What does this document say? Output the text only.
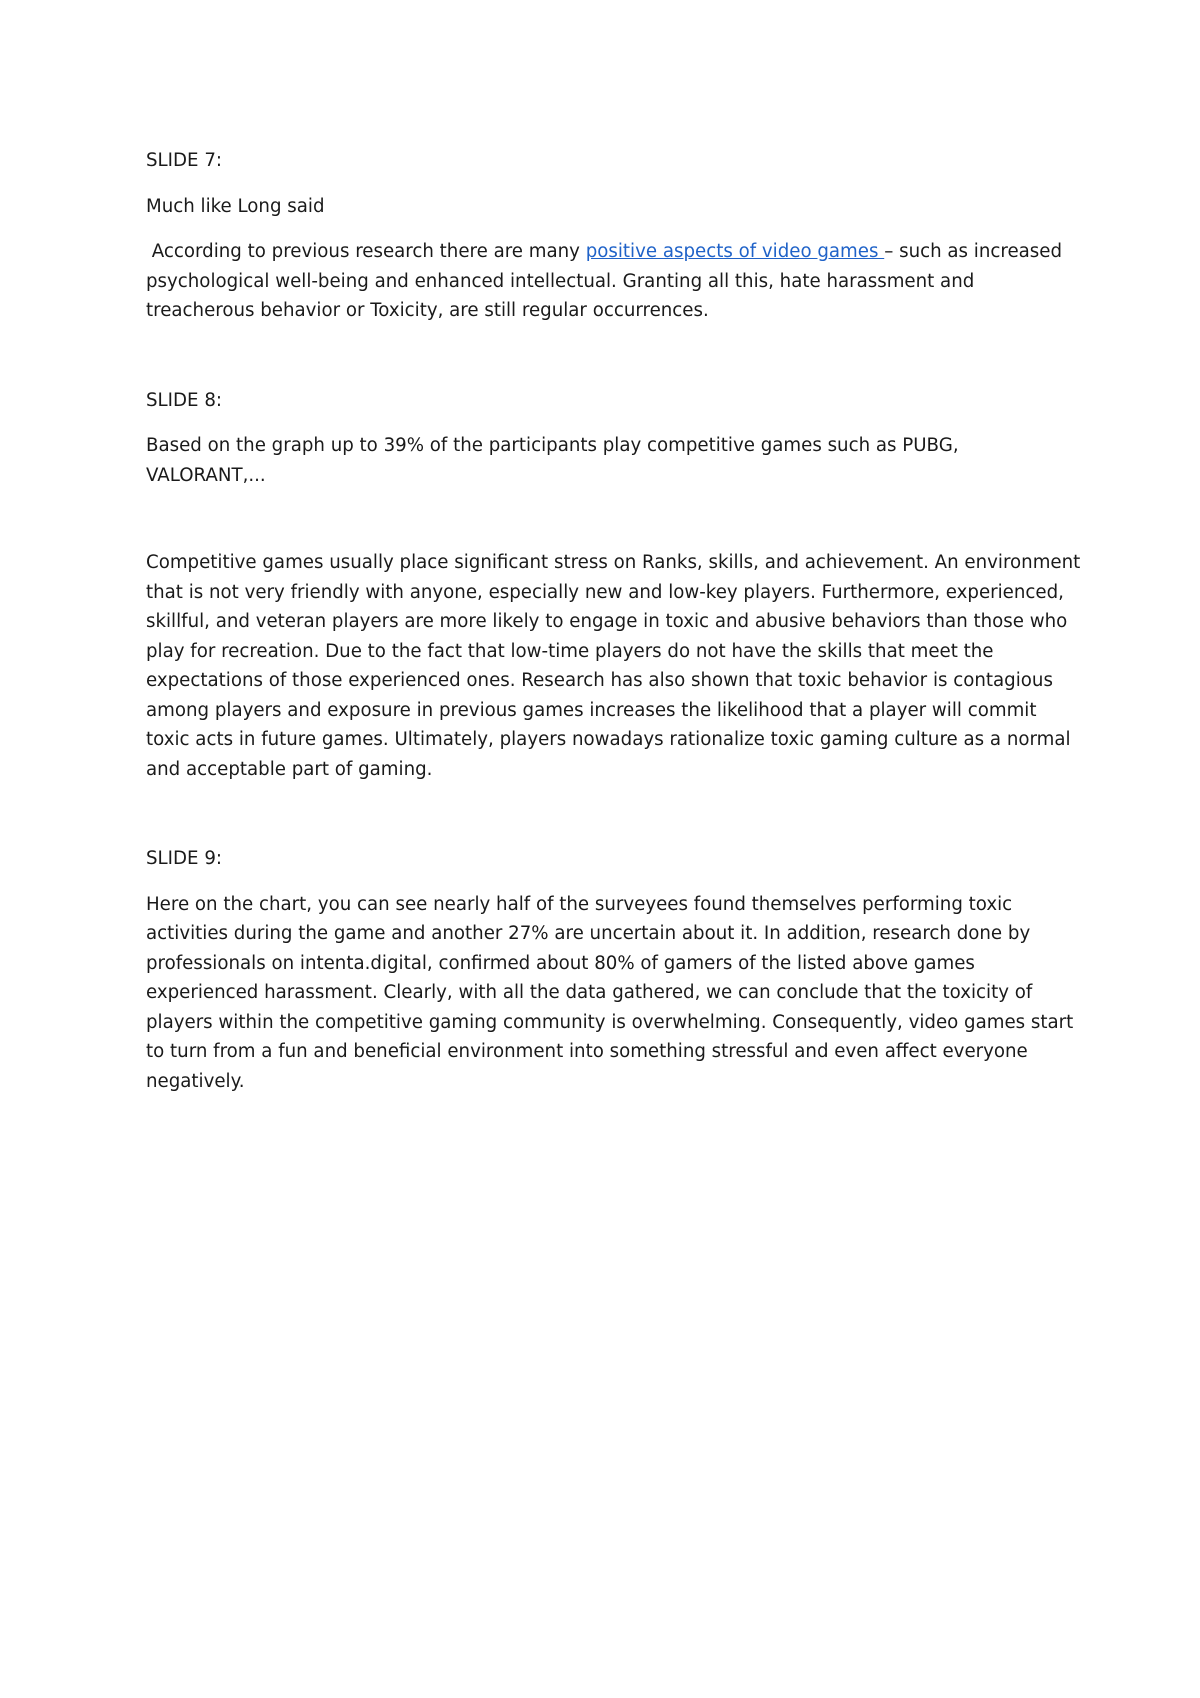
SLIDE 7:
Much like Long said
According to previous research there are many positive aspects of video games – such as increased
psychological well-being and enhanced intellectual. Granting all this, hate harassment and
treacherous behavior or Toxicity, are still regular occurrences.
SLIDE 8:
Based on the graph up to 39% of the participants play competitive games such as PUBG,
VALORANT,...
Competitive games usually place significant stress on Ranks, skills, and achievement. An environment
that is not very friendly with anyone, especially new and low-key players. Furthermore, experienced,
skillful, and veteran players are more likely to engage in toxic and abusive behaviors than those who
play for recreation. Due to the fact that low-time players do not have the skills that meet the
expectations of those experienced ones. Research has also shown that toxic behavior is contagious
among players and exposure in previous games increases the likelihood that a player will commit
toxic acts in future games. Ultimately, players nowadays rationalize toxic gaming culture as a normal
and acceptable part of gaming.
SLIDE 9:
Here on the chart, you can see nearly half of the surveyees found themselves performing toxic
activities during the game and another 27% are uncertain about it. In addition, research done by
professionals on intenta.digital, confirmed about 80% of gamers of the listed above games
experienced harassment. Clearly, with all the data gathered, we can conclude that the toxicity of
players within the competitive gaming community is overwhelming. Consequently, video games start
to turn from a fun and beneficial environment into something stressful and even affect everyone
negatively.
